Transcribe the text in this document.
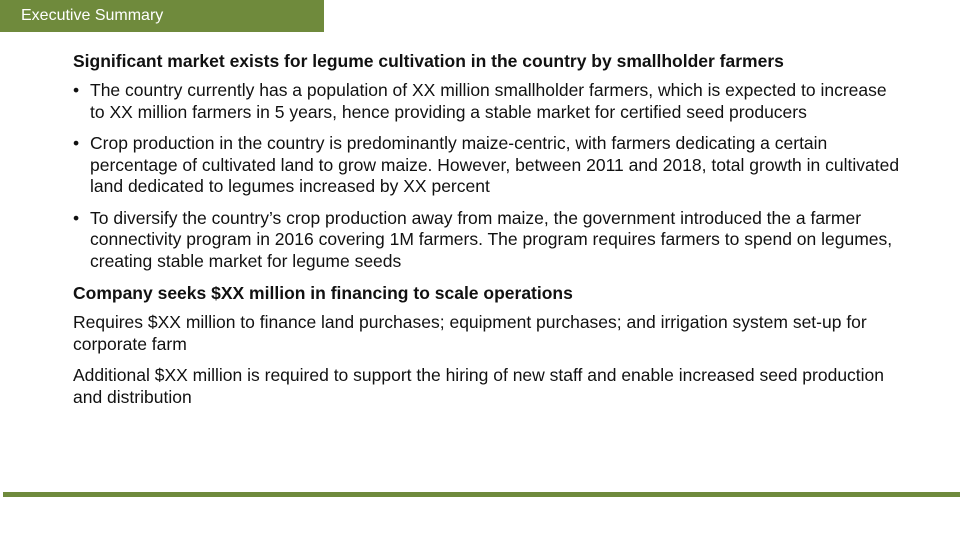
Executive Summary
Significant market exists for legume cultivation in the country by smallholder farmers
• The country currently has a population of XX million smallholder farmers, which is expected to increase to XX million farmers in 5 years, hence providing a stable market for certified seed producers
• Crop production in the country is predominantly maize-centric, with farmers dedicating a certain percentage of cultivated land to grow maize. However, between 2011 and 2018, total growth in cultivated land dedicated to legumes increased by XX percent
• To diversify the country’s crop production away from maize, the government introduced the a farmer connectivity program in 2016 covering 1M farmers. The program requires farmers to spend on legumes, creating stable market for legume seeds
Company seeks $XX million in financing to scale operations

Requires $XX million to finance land purchases; equipment purchases; and irrigation system set-up for corporate farm

Additional $XX million is required to support the hiring of new staff and enable increased seed production and distribution
